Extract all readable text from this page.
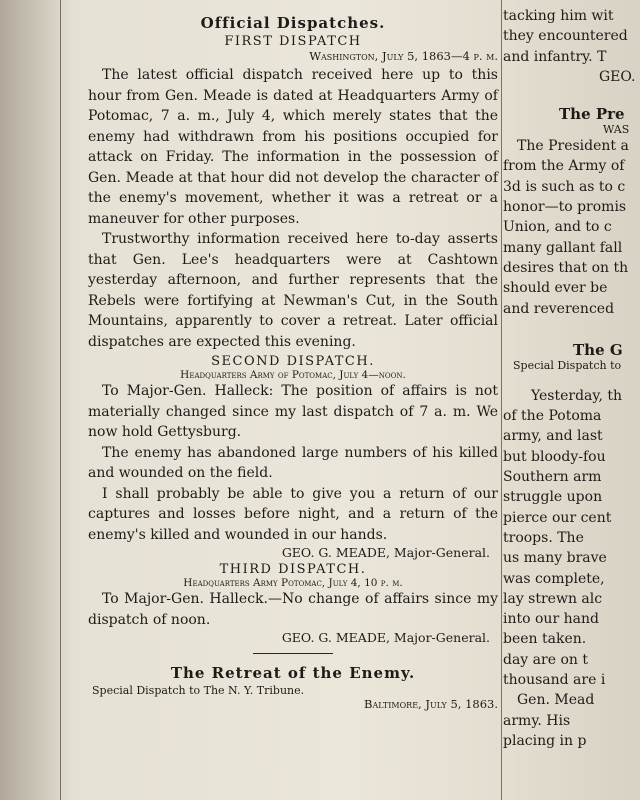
Official Dispatches.

FIRST DISPATCH

Washington, July 5, 1863—4 p. m.

The latest official dispatch received here up to this hour from Gen. Meade is dated at Headquarters Army of Potomac, 7 a. m., July 4, which merely states that the enemy had withdrawn from his positions occupied for attack on Friday. The information in the possession of Gen. Meade at that hour did not develop the character of the enemy's movement, whether it was a retreat or a maneuver for other purposes.

Trustworthy information received here to-day asserts that Gen. Lee's headquarters were at Cashtown yesterday afternoon, and further represents that the Rebels were fortifying at Newman's Cut, in the South Mountains, apparently to cover a retreat. Later official dispatches are expected this evening.

SECOND DISPATCH.

Headquarters Army of Potomac, July 4—noon.

To Major-Gen. Halleck: The position of affairs is not materially changed since my last dispatch of 7 a. m. We now hold Gettysburg.

The enemy has abandoned large numbers of his killed and wounded on the field.

I shall probably be able to give you a return of our captures and losses before night, and a return of the enemy's killed and wounded in our hands.

GEO. G. MEADE, Major-General.

THIRD DISPATCH.

Headquarters Army Potomac, July 4, 10 p. m.

To Major-Gen. Halleck.—No change of affairs since my dispatch of noon.

GEO. G. MEADE, Major-General.

The Retreat of the Enemy.

Special Dispatch to The N. Y. Tribune.

Baltimore, July 5, 1863.

tacking him wit

they encountered

and infantry. T

GEO.

The Pre

WAS

The President a

from the Army of

3d is such as to c

honor—to promis

Union, and to c

many gallant fall

desires that on th

should ever be

and reverenced

The G

Special Dispatch to

Yesterday, th

of the Potoma

army, and last

but bloody-fou

Southern arm

struggle upon

pierce our cent

troops. The

us many brave

was complete,

lay strewn alc

into our hand

been taken.

day are on t

thousand are i

Gen. Mead

army. His

placing in p
